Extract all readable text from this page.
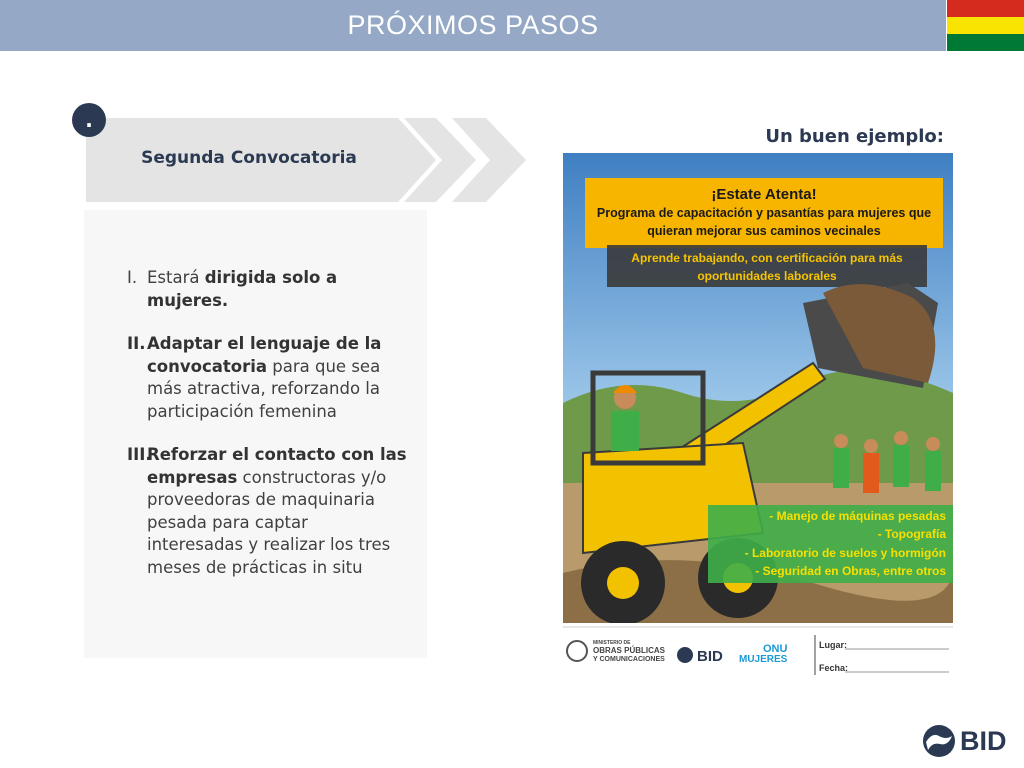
PRÓXIMOS PASOS
.
Segunda Convocatoria
I. Estará dirigida solo a mujeres.
II. Adaptar el lenguaje de la convocatoria para que sea más atractiva, reforzando la participación femenina
III.
Reforzar el contacto con las empresas constructoras y/o proveedoras de maquinaria pesada para captar interesadas y realizar los tres meses de prácticas in situ
Un buen ejemplo:
¡Estate Atenta!
Programa de capacitación y pasantías para mujeres que
quieran mejorar sus caminos vecinales
Aprende trabajando, con certificación para más
oportunidades laborales
- Manejo de máquinas pesadas
- Topografía
- Laboratorio de suelos y hormigón
- Seguridad en Obras, entre otros
MINISTERIO DE
OBRAS PÚBLICAS
Y COMUNICACIONES BID	ONU
MUJERES
Lugar:
Fecha:
BID
